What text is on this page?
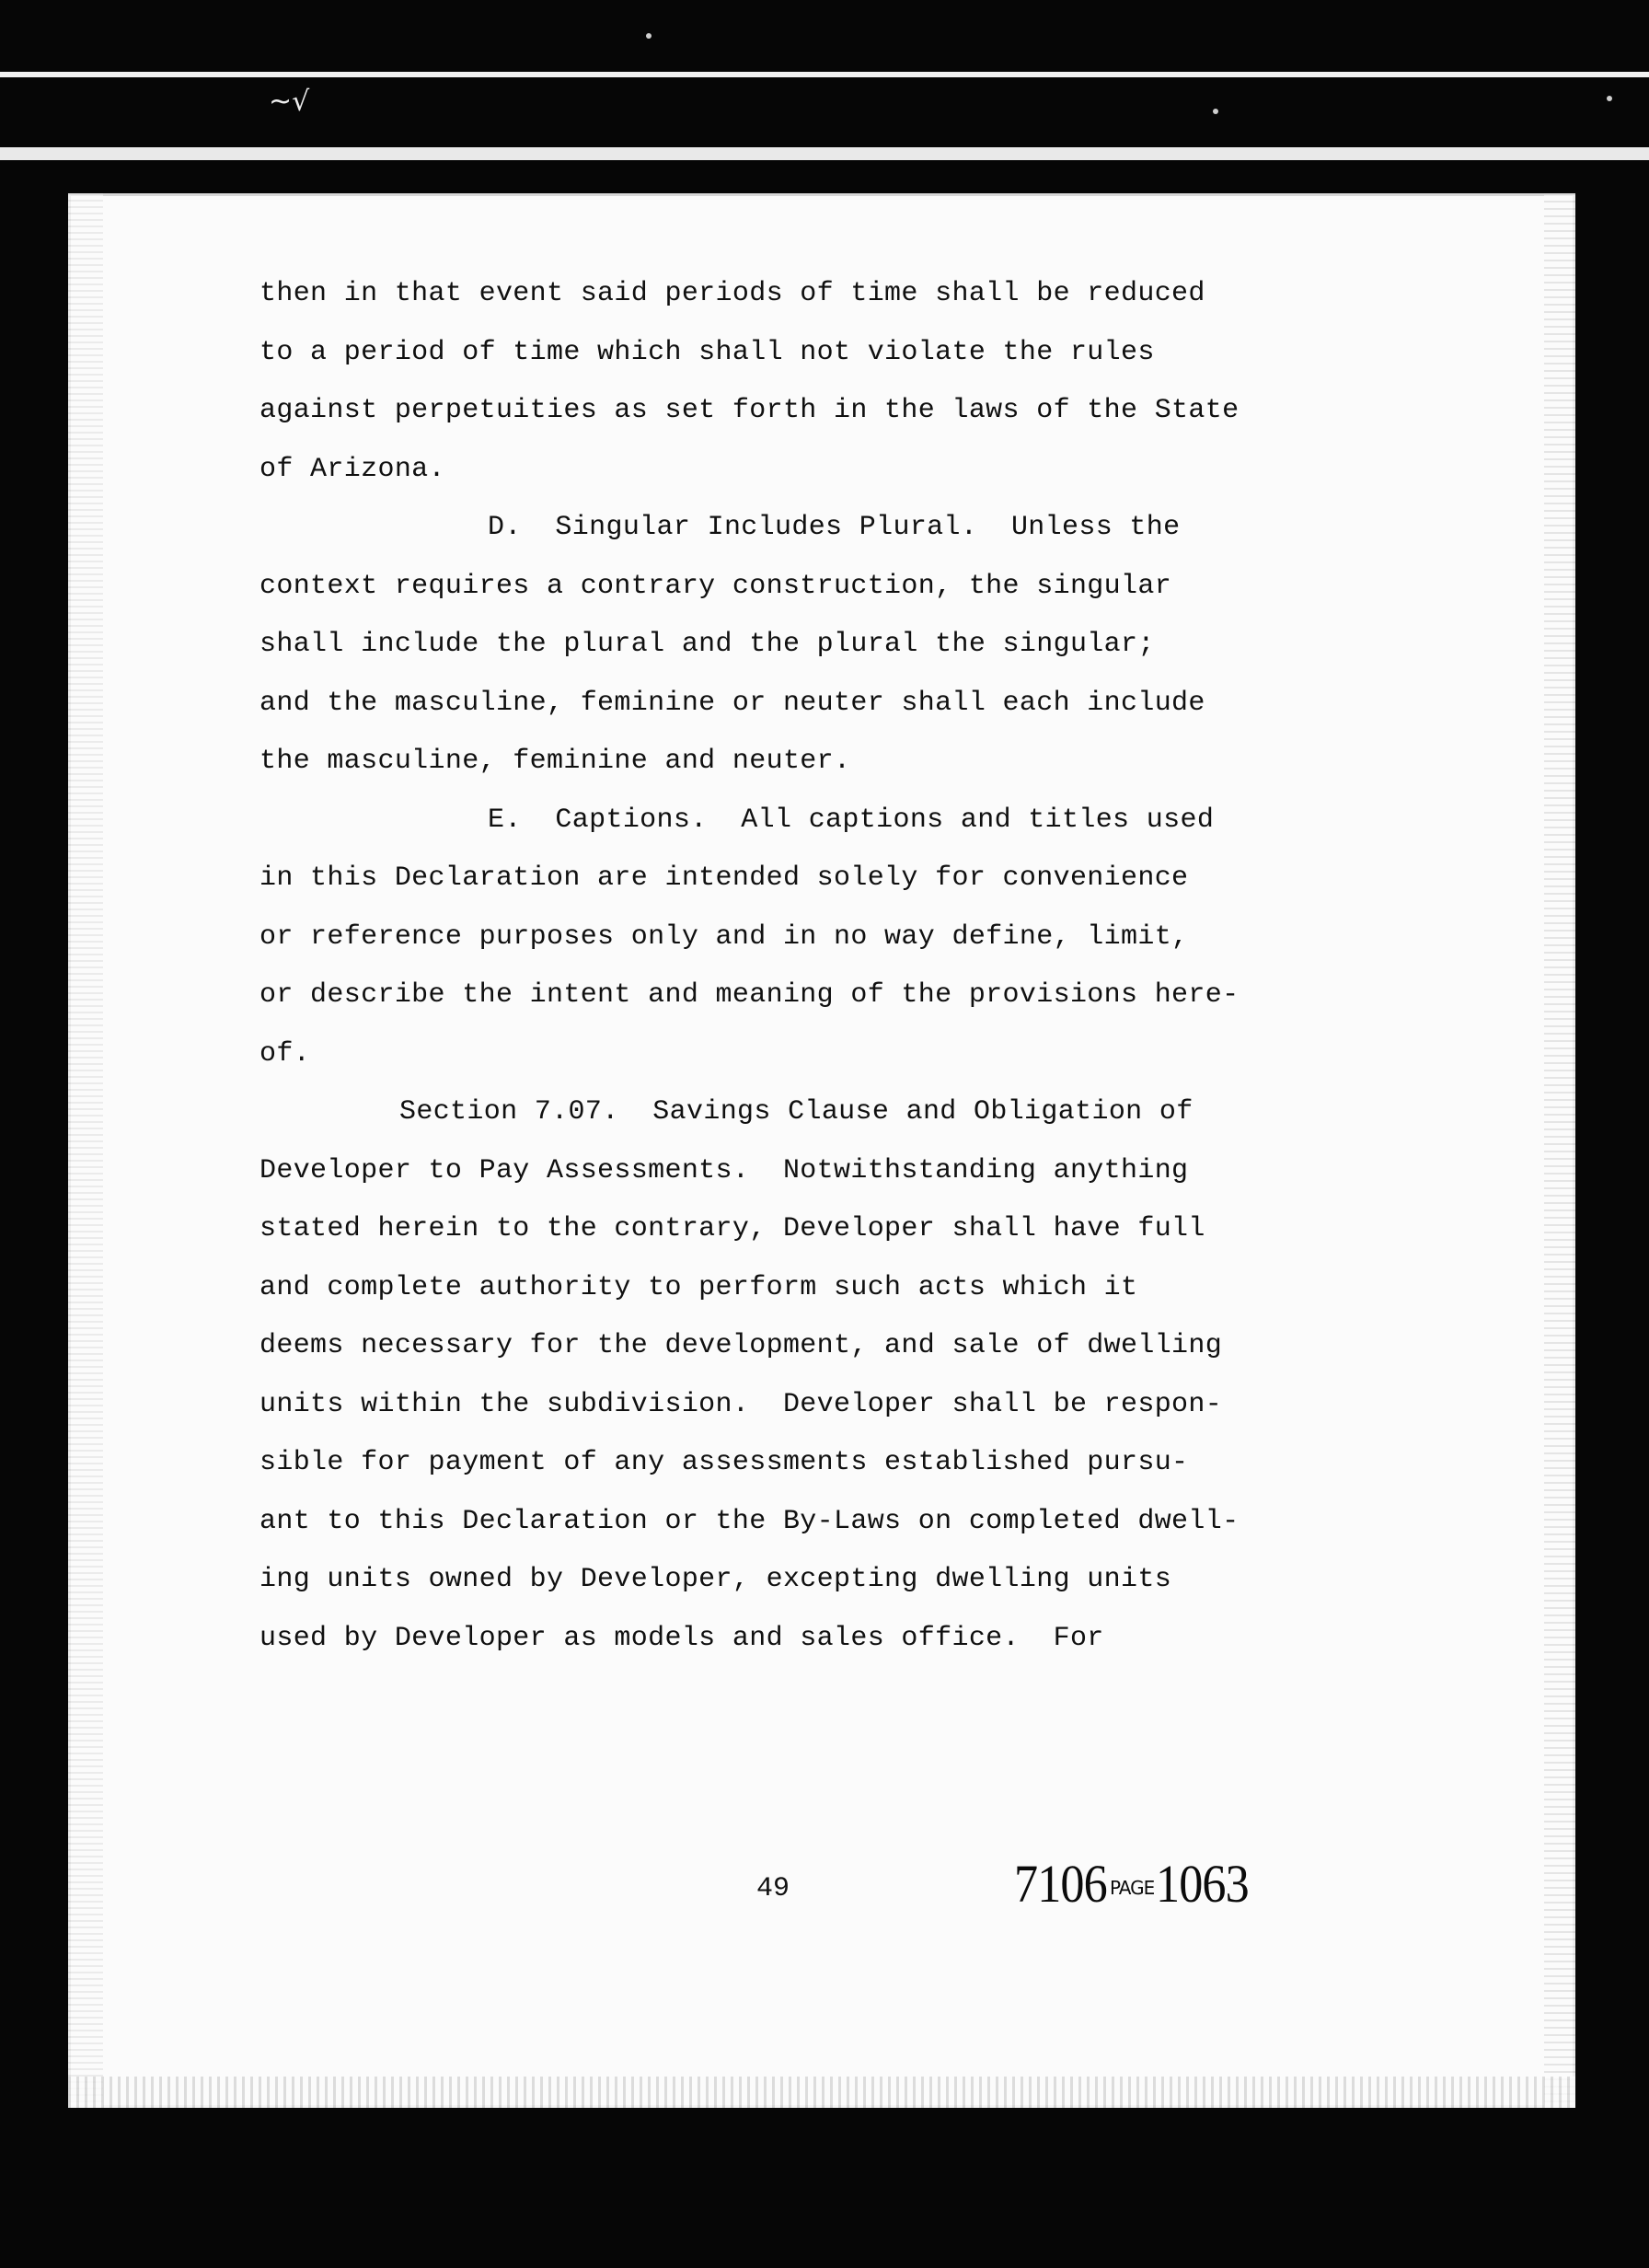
~√
then in that event said periods of time shall be reduced
to a period of time which shall not violate the rules
against perpetuities as set forth in the laws of the State
of Arizona.
D.  Singular Includes Plural.  Unless the
context requires a contrary construction, the singular
shall include the plural and the plural the singular;
and the masculine, feminine or neuter shall each include
the masculine, feminine and neuter.
E.  Captions.  All captions and titles used
in this Declaration are intended solely for convenience
or reference purposes only and in no way define, limit,
or describe the intent and meaning of the provisions here-
of.
Section 7.07.  Savings Clause and Obligation of
Developer to Pay Assessments.  Notwithstanding anything
stated herein to the contrary, Developer shall have full
and complete authority to perform such acts which it
deems necessary for the development, and sale of dwelling
units within the subdivision.  Developer shall be respon-
sible for payment of any assessments established pursu-
ant to this Declaration or the By-Laws on completed dwell-
ing units owned by Developer, excepting dwelling units
used by Developer as models and sales office.  For
49	7106 PAGE1063
